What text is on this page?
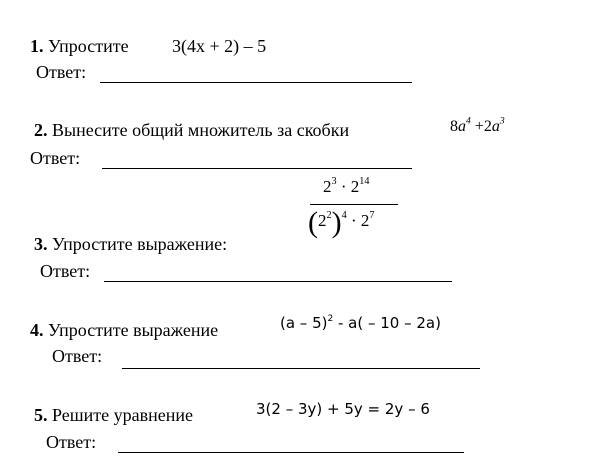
1. Упростите 3(4x + 2) – 5
Ответ:
2. Вынесите общий множитель за скобки	$8a^4 +2a^3$
Ответ:
$2^3 \cdot 2^{14}$
$(2^2)^4 \cdot 2^7$
3. Упростите выражение:
Ответ:
4. Упростите выражение	(a – 5)$^2$ - a( – 10 – 2a)
Ответ:
5. Решите уравнение	3(2 – 3y) + 5y = 2y – 6
Ответ:
